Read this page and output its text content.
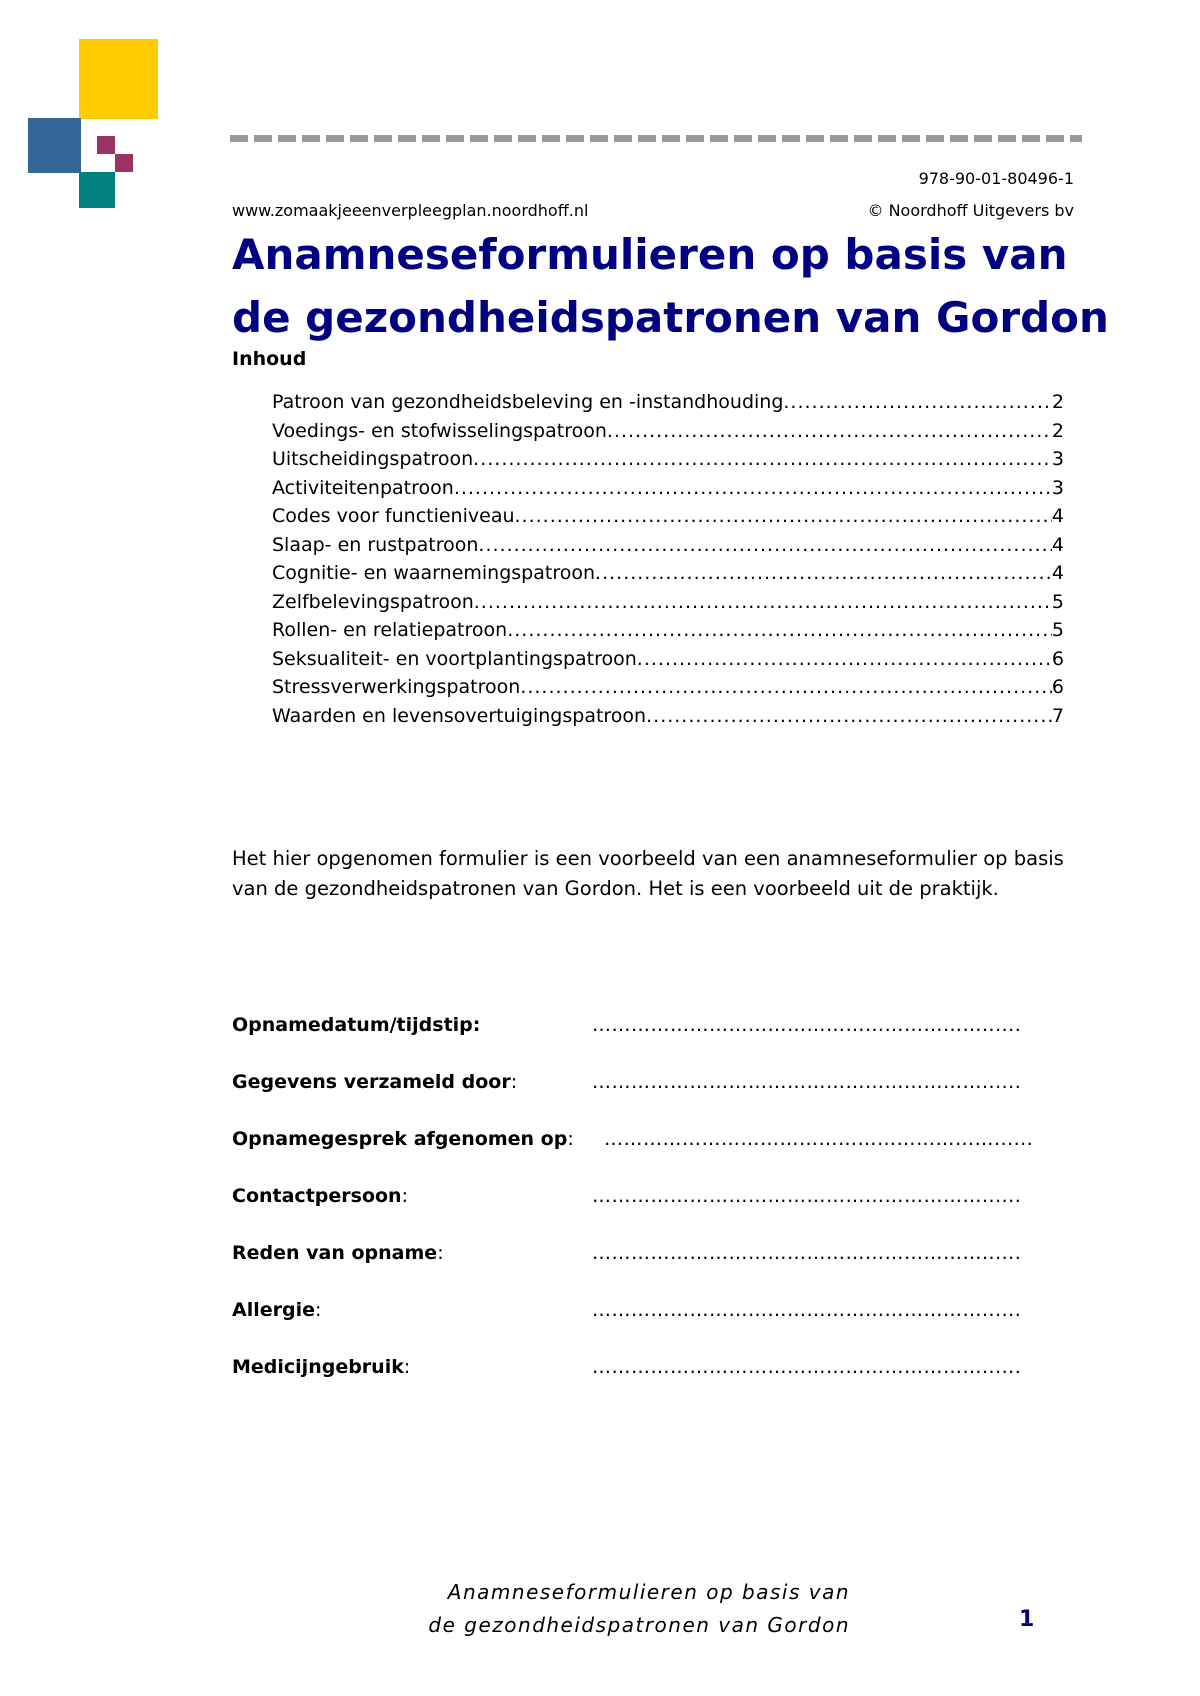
978-90-01-80496-1
www.zomaakjeeenverpleegplan.noordhoff.nl	© Noordhoff Uitgevers bv
Anamneseformulieren op basis van
de gezondheidspatronen van Gordon
Inhoud
Patroon van gezondheidsbeleving en -instandhouding .....	2
Voedings- en stofwisselingspatroon .....	2
Uitscheidingspatroon .....	3
Activiteitenpatroon .....	3
Codes voor functieniveau .....	4
Slaap- en rustpatroon .....	4
Cognitie- en waarnemingspatroon .....	4
Zelfbelevingspatroon .....	5
Rollen- en relatiepatroon .....	5
Seksualiteit- en voortplantingspatroon .....	6
Stressverwerkingspatroon .....	6
Waarden en levensovertuigingspatroon .....	7

Het hier opgenomen formulier is een voorbeeld van een anamneseformulier op basis van de gezondheidspatronen van Gordon. Het is een voorbeeld uit de praktijk.

Opnamedatum/tijdstip:	……………………………………………………......
Gegevens verzameld door:	……………………………………………………......
Opnamegesprek afgenomen op: ……………………………………………………......
Contactpersoon:	……………………………………………………......
Reden van opname:	……………………………………………………......
Allergie:	……………………………………………………......
Medicijngebruik:	……………………………………………………......
Anamneseformulieren op basis van
de gezondheidspatronen van Gordon	1
